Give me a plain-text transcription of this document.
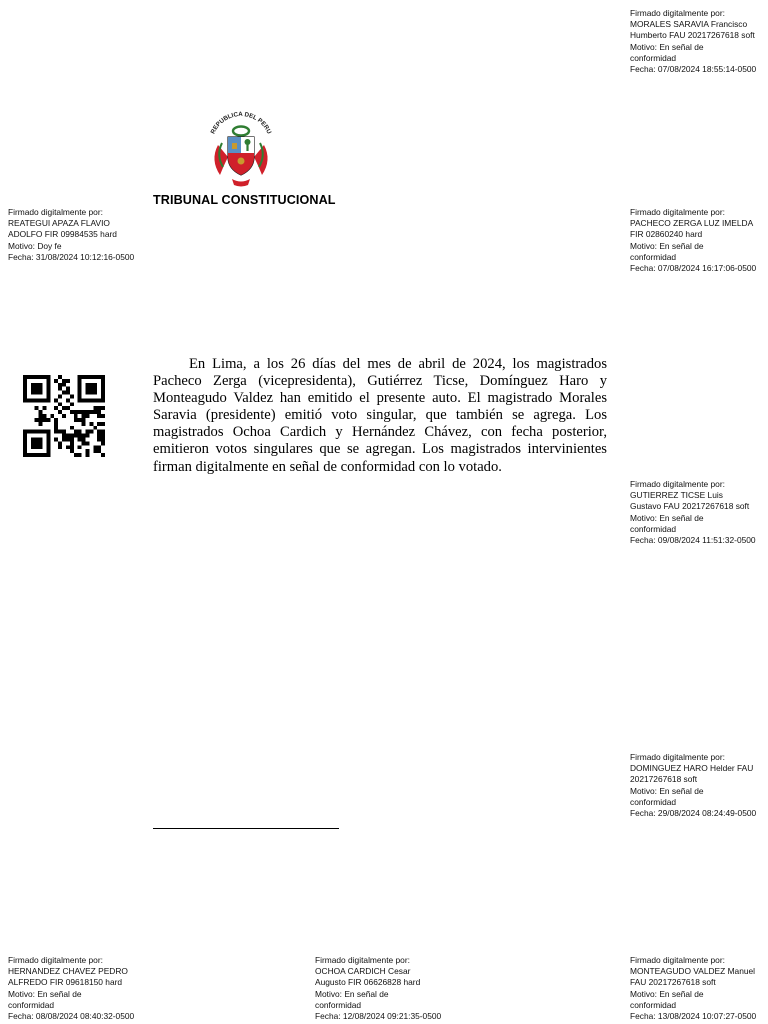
Firmado digitalmente por:
MORALES SARAVIA Francisco
Humberto FAU 20217267618 soft
Motivo: En señal de
conformidad
Fecha: 07/08/2024 18:55:14-0500
Firmado digitalmente por:
REATEGUI APAZA FLAVIO
ADOLFO FIR 09984535 hard
Motivo: Doy fe
Fecha: 31/08/2024 10:12:16-0500
Firmado digitalmente por:
PACHECO ZERGA LUZ IMELDA
FIR 02860240 hard
Motivo: En señal de
conformidad
Fecha: 07/08/2024 16:17:06-0500
Firmado digitalmente por:
GUTIERREZ TICSE Luis
Gustavo FAU 20217267618 soft
Motivo: En señal de
conformidad
Fecha: 09/08/2024 11:51:32-0500
Firmado digitalmente por:
DOMINGUEZ HARO Helder FAU
20217267618 soft
Motivo: En señal de
conformidad
Fecha: 29/08/2024 08:24:49-0500
Firmado digitalmente por:
HERNANDEZ CHAVEZ PEDRO
ALFREDO FIR 09618150 hard
Motivo: En señal de
conformidad
Fecha: 08/08/2024 08:40:32-0500
Firmado digitalmente por:
OCHOA CARDICH Cesar
Augusto FIR 06626828 hard
Motivo: En señal de
conformidad
Fecha: 12/08/2024 09:21:35-0500
Firmado digitalmente por:
MONTEAGUDO VALDEZ Manuel
FAU 20217267618 soft
Motivo: En señal de
conformidad
Fecha: 13/08/2024 10:07:27-0500
REPUBLICA DEL PERU
TRIBUNAL CONSTITUCIONAL

En Lima, a los 26 días del mes de abril de 2024, los magistrados Pacheco Zerga (vicepresidenta), Gutiérrez Ticse, Domínguez Haro y Monteagudo Valdez han emitido el presente auto. El magistrado Morales Saravia (presidente) emitió voto singular, que también se agrega. Los magistrados Ochoa Cardich y Hernández Chávez, con fecha posterior, emitieron votos singulares que se agregan. Los magistrados intervinientes firman digitalmente en señal de conformidad con lo votado.
